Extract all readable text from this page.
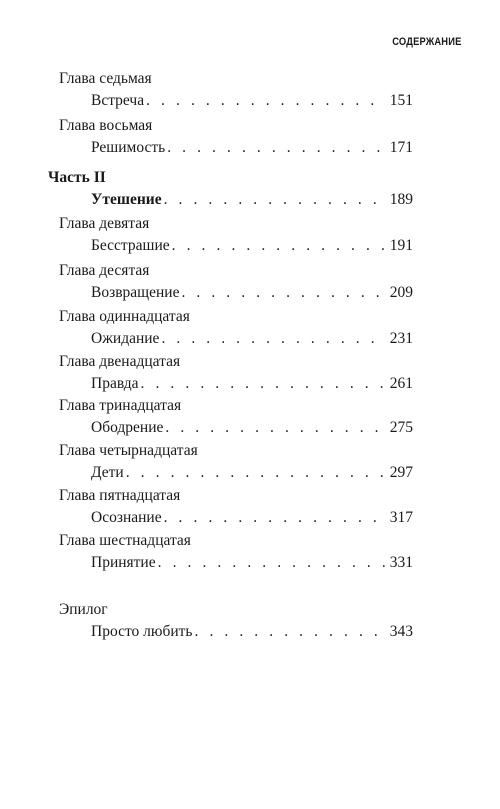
СОДЕРЖАНИЕ
Глава седьмая
Встреча . . .	151
Глава восьмая
Решимость . . .	171
Часть II
Утешение . . .	189
Глава девятая
Бесстрашие . . .	191
Глава десятая
Возвращение . . .	209
Глава одиннадцатая
Ожидание . . .	231
Глава двенадцатая
Правда . . .	261
Глава тринадцатая
Ободрение . . .	275
Глава четырнадцатая
Дети . . .	297
Глава пятнадцатая
Осознание . . .	317
Глава шестнадцатая
Принятие . . .	331
Эпилог
Просто любить . . .	343
